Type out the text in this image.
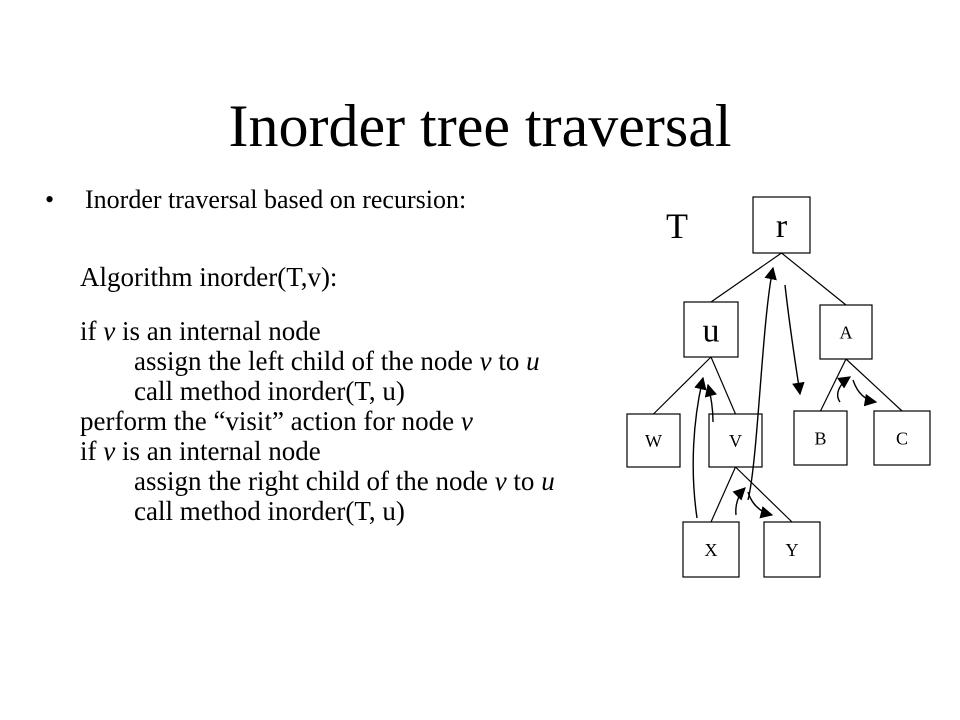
Inorder tree traversal
• Inorder traversal based on recursion:
Algorithm inorder(T,v):
if v is an internal node
assign the left child of the node v to u
call method inorder(T, u)
perform the “visit” action for node v
if v is an internal node
assign the right child of the node v to u
call method inorder(T, u)
T	r
u	A
W	V	B	C
X	Y
